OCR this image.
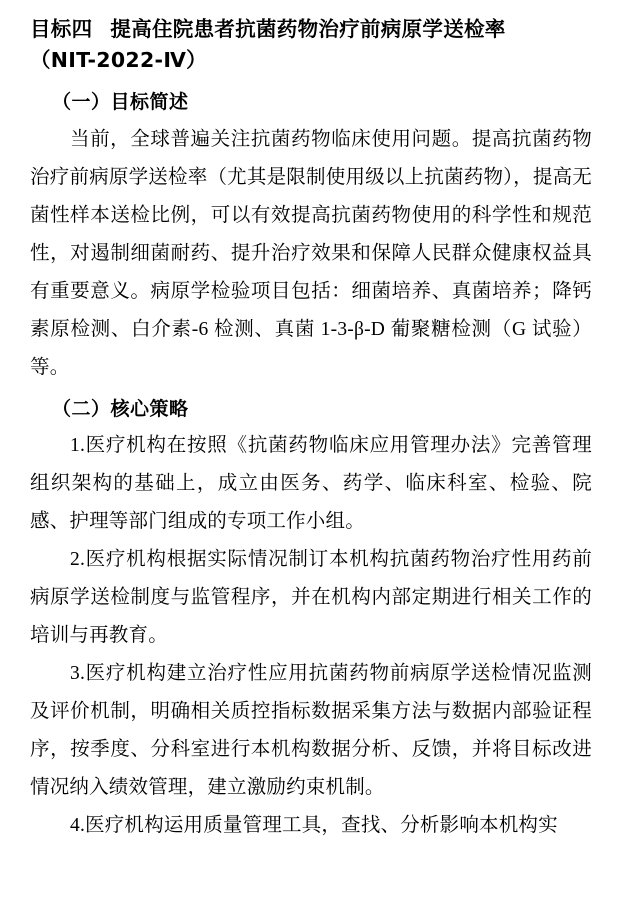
目标四 提高住院患者抗菌药物治疗前病原学送检率
（NIT-2022-Ⅳ）
（一）目标简述

当前，全球普遍关注抗菌药物临床使用问题。提高抗菌药物治疗前病原学送检率（尤其是限制使用级以上抗菌药物），提高无菌性样本送检比例，可以有效提高抗菌药物使用的科学性和规范性，对遏制细菌耐药、提升治疗效果和保障人民群众健康权益具有重要意义。病原学检验项目包括：细菌培养、真菌培养；降钙素原检测、白介素-6 检测、真菌 1-3-β-D 葡聚糖检测（G 试验）等。

（二）核心策略

1.医疗机构在按照《抗菌药物临床应用管理办法》完善管理组织架构的基础上，成立由医务、药学、临床科室、检验、院感、护理等部门组成的专项工作小组。

2.医疗机构根据实际情况制订本机构抗菌药物治疗性用药前病原学送检制度与监管程序，并在机构内部定期进行相关工作的培训与再教育。

3.医疗机构建立治疗性应用抗菌药物前病原学送检情况监测及评价机制，明确相关质控指标数据采集方法与数据内部验证程序，按季度、分科室进行本机构数据分析、反馈，并将目标改进情况纳入绩效管理，建立激励约束机制。

4.医疗机构运用质量管理工具，查找、分析影响本机构实
